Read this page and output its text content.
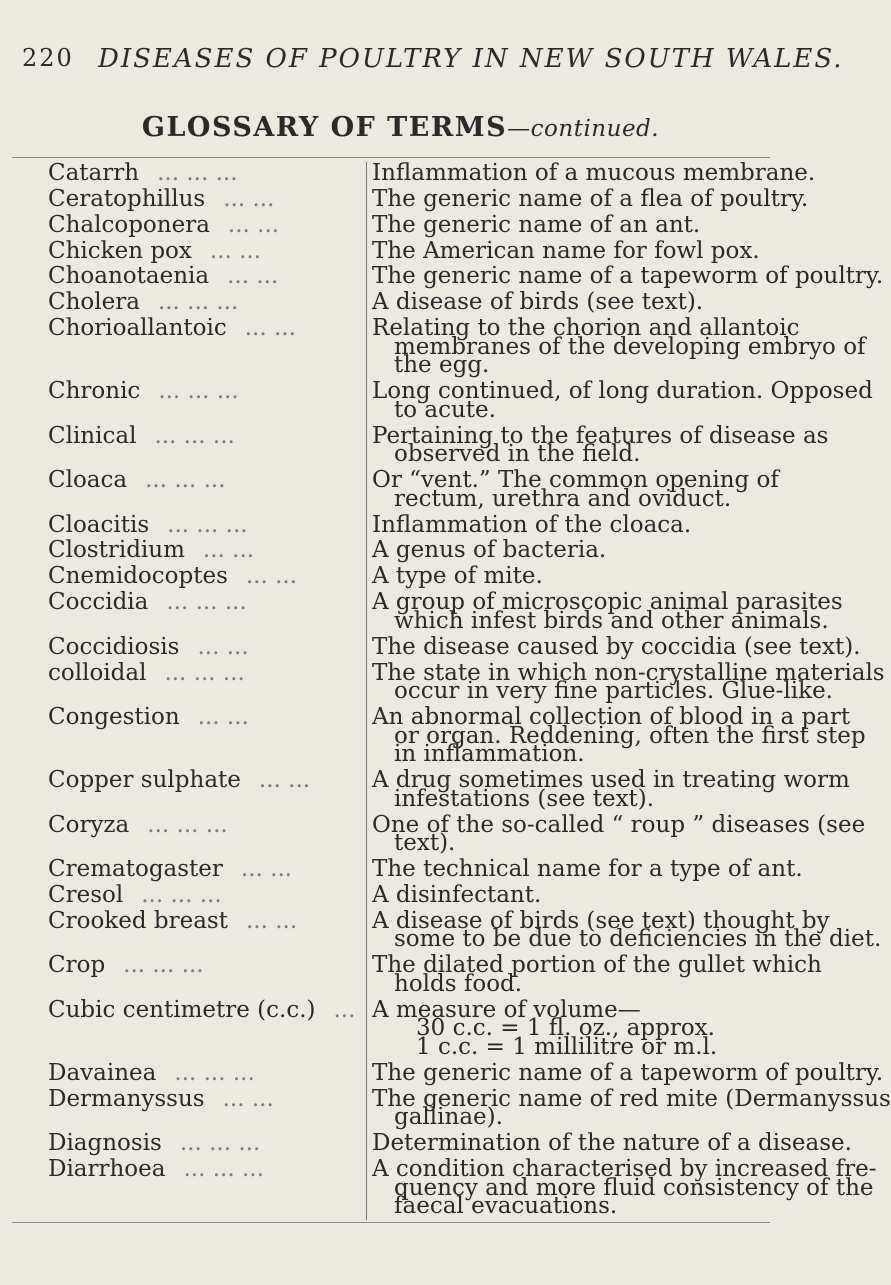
220 DISEASES OF POULTRY IN NEW SOUTH WALES.
GLOSSARY OF TERMS—continued.
Catarrh ... ... ...	Inflammation of a mucous membrane.
Ceratophillus ... ...	The generic name of a flea of poultry.
Chalcoponera ... ...	The generic name of an ant.
Chicken pox ... ...	The American name for fowl pox.
Choanotaenia ... ...	The generic name of a tapeworm of poultry.
Cholera ... ... ...	A disease of birds (see text).
Chorioallantoic ... ...	Relating to the chorion and allantoic
membranes of the developing embryo of
the egg.
Chronic ... ... ...	Long continued, of long duration. Opposed
to acute.
Clinical ... ... ...	Pertaining to the features of disease as
observed in the field.
Cloaca ... ... ...	Or “vent.” The common opening of
rectum, urethra and oviduct.
Cloacitis ... ... ...	Inflammation of the cloaca.
Clostridium ... ...	A genus of bacteria.
Cnemidocoptes ... ...	A type of mite.
Coccidia ... ... ...	A group of microscopic animal parasites
which infest birds and other animals.
Coccidiosis ... ...	The disease caused by coccidia (see text).
colloidal ... ... ...	The state in which non-crystalline materials
occur in very fine particles. Glue-like.
Congestion ... ...	An abnormal collection of blood in a part
or organ. Reddening, often the first step
in inflammation.
Copper sulphate ... ...	A drug sometimes used in treating worm
infestations (see text).
Coryza ... ... ...	One of the so-called “ roup ” diseases (see
text).
Crematogaster ... ...	The technical name for a type of ant.
Cresol ... ... ...	A disinfectant.
Crooked breast ... ...	A disease of birds (see text) thought by
some to be due to deficiencies in the diet.
Crop ... ... ...	The dilated portion of the gullet which
holds food.
Cubic centimetre (c.c.) ... A measure of volume—
30 c.c. = 1 fl. oz., approx.
1 c.c. = 1 millilitre or m.l.
Davainea ... ... ...	The generic name of a tapeworm of poultry.
Dermanyssus ... ...	The generic name of red mite (Dermanyssus
gallinae).
Diagnosis ... ... ...	Determination of the nature of a disease.
Diarrhoea ... ... ...	A condition characterised by increased fre-
quency and more fluid consistency of the
faecal evacuations.
